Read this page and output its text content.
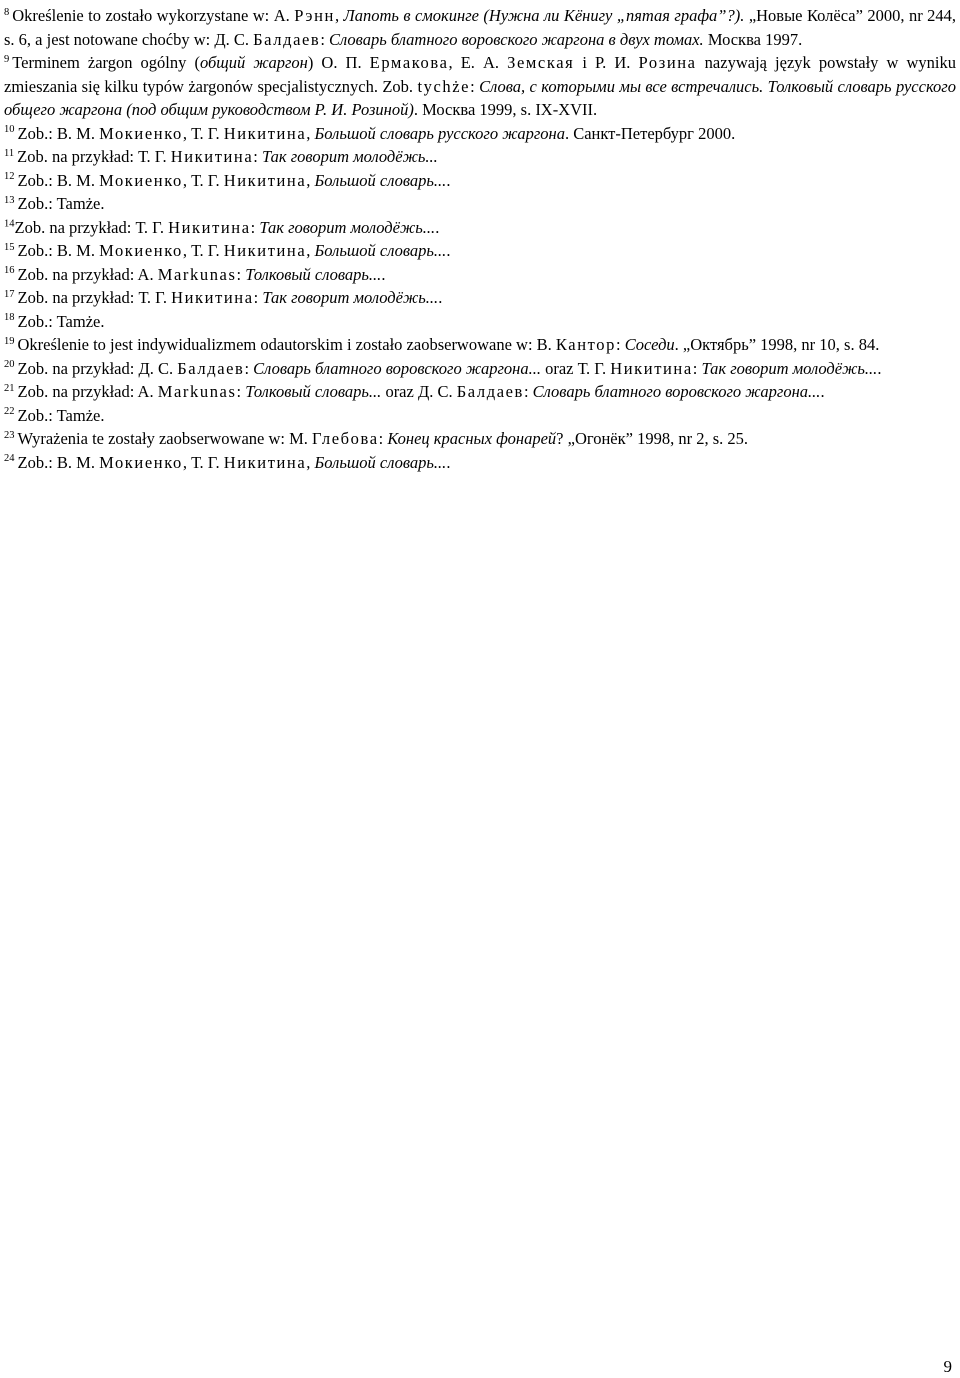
$^8$ Określenie to zostało wykorzystane w: А. Рэнн, Лапоть в смокинге (Нужна ли Кёнигу „пятая графа”?). „Новые Колёса” 2000, nr 244, s. 6, a jest notowane choćby w: Д. С. Балдаев: Словарь блатного воровского жаргона в двух томах. Москва 1997.

$^9$ Terminem żargon ogólny (общий жаргон) О. П. Ермакова, Е. А. Земская i Р. И. Розина nazywają język powstały w wyniku zmieszania się kilku typów żargonów specjalistycznych. Zob. tychże: Слова, с которыми мы все встречались. Толковый словарь русского общего жаргона (под общим руководством Р. И. Розиной). Москва 1999, s. IX-XVII.

$^{10}$ Zob.: В. М. Мокиенко, Т. Г. Никитина, Большой словарь русского жаргона. Санкт-Петербург 2000.

$^{11}$ Zob. na przykład: Т. Г. Никитина: Так говорит молодёжь...

$^{12}$ Zob.: В. М. Мокиенко, Т. Г. Никитина, Большой словарь....

$^{13}$ Zob.: Tamże.

$^{14}$Zob. na przykład: Т. Г. Никитина: Так говорит молодёжь....

$^{15}$ Zob.: В. М. Мокиенко, Т. Г. Никитина, Большой словарь....

$^{16}$ Zob. na przykład: A. Markunas: Толковый словарь....

$^{17}$ Zob. na przykład: Т. Г. Никитина: Так говорит молодёжь....

$^{18}$ Zob.: Tamże.

$^{19}$ Określenie to jest indywidualizmem odautorskim i zostało zaobserwowane w: В. Кантор: Соседи. „Октябрь” 1998, nr 10, s. 84.

$^{20}$ Zob. na przykład: Д. С. Балдаев: Словарь блатного воровского жаргона... oraz Т. Г. Никитина: Так говорит молодёжь....

$^{21}$ Zob. na przykład: A. Markunas: Толковый словарь... oraz Д. С. Балдаев: Словарь блатного воровского жаргона....

$^{22}$ Zob.: Tamże.

$^{23}$ Wyrażenia te zostały zaobserwowane w: М. Глебова: Конец красных фонарей? „Огонёк” 1998, nr 2, s. 25.

$^{24}$ Zob.: В. М. Мокиенко, Т. Г. Никитина, Большой словарь....

9
